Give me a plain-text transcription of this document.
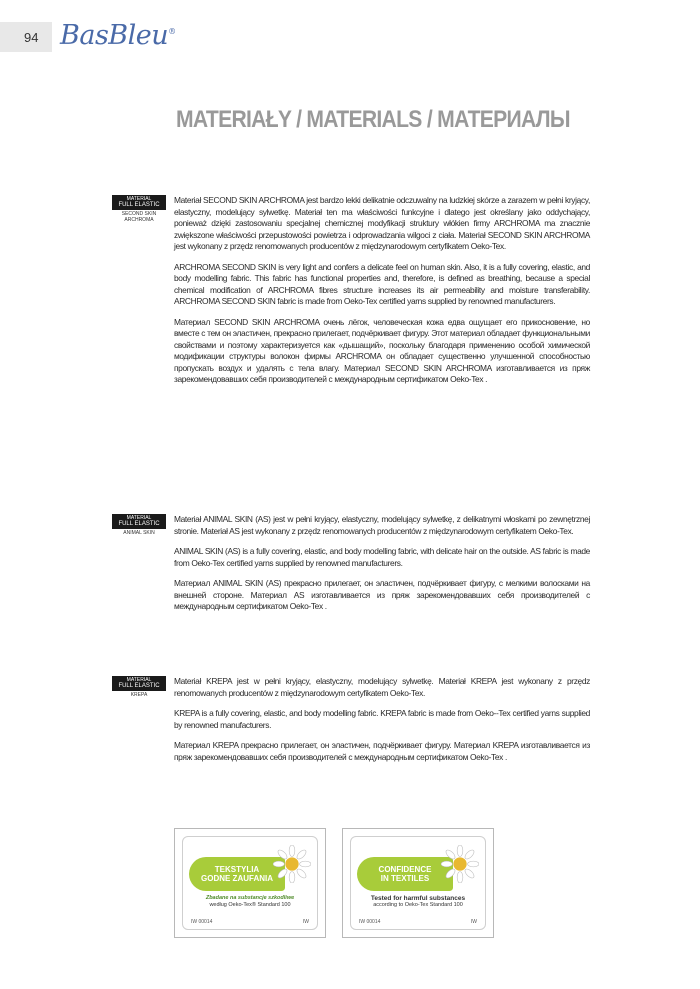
94 BasBleu®
MATERIAŁY / MATERIALS / МАТЕРИАЛЫ
MATERIAL
FULL ELASTIC
SECOND SKIN ARCHROMA

Materiał SECOND SKIN ARCHROMA jest bardzo lekki delikatnie odczuwalny na ludzkiej skórze a zarazem w pełni kryjący, elastyczny, modelujący sylwetkę. Materiał ten ma właściwości funkcyjne i dlatego jest określany jako oddychający, ponieważ dzięki zastosowaniu specjalnej chemicznej modyfikacji struktury włókien firmy ARCHROMA ma znacznie zwiększone właściwości przepustowości powietrza i odprowadzania wilgoci z ciała. Materiał SECOND SKIN ARCHROMA jest wykonany z przędz renomowanych producentów z międzynarodowym certyfikatem Oeko-Tex.

ARCHROMA SECOND SKIN is very light and confers a delicate feel on human skin. Also, it is a fully covering, elastic, and body modelling fabric. This fabric has functional properties and, therefore, is defined as breathing, because a special chemical modification of ARCHROMA fibres structure increases its air permeability and moisture transferability. ARCHROMA SECOND SKIN fabric is made from Oeko-Tex certified yarns supplied by renowned manufacturers.

Материал SECOND SKIN ARCHROMA очень лёгок, человеческая кожа едва ощущает его прикосновение, но вместе с тем он эластичен, прекрасно прилегает, подчёркивает фигуру. Этот материал обладает функциональными свойствами и поэтому характеризуется как «дышащий», поскольку благодаря применению особой химической модификации структуры волокон фирмы ARCHROMA он обладает существенно улучшенной способностью пропускать воздух и удалять с тела влагу. Материал SECOND SKIN ARCHROMA изготавливается из пряж зарекомендовавших себя производителей с международным сертификатом Oeko-Tex .

MATERIAL
FULL ELASTIC
ANIMAL SKIN

Materiał ANIMAL SKIN (AS) jest w pełni kryjący, elastyczny, modelujący sylwetkę, z delikatnymi włoskami po zewnętrznej stronie. Materiał AS jest wykonany z przędz renomowanych producentów z międzynarodowym certyfikatem Oeko-Tex.

ANIMAL SKIN (AS) is a fully covering, elastic, and body modelling fabric, with delicate hair on the outside. AS fabric is made from Oeko-Tex certified yarns supplied by renowned manufacturers.

Материал ANIMAL SKIN (AS) прекрасно прилегает, он эластичен, подчёркивает фигуру, с мелкими волосками на внешней стороне. Материал AS изготавливается из пряж зарекомендовавших себя производителей с международным сертификатом Oeko-Tex .

MATERIAL
FULL ELASTIC
KREPA

Materiał KREPA jest w pełni kryjący, elastyczny, modelujący sylwetkę. Materiał KREPA jest wykonany z przędz renomowanych producentów z międzynarodowym certyfikatem Oeko-Tex.

KREPA is a fully covering, elastic, and body modelling fabric. KREPA fabric is made from Oeko--Tex certified yarns supplied by renowned manufacturers.

Материал KREPA прекрасно прилегает, он эластичен, подчёркивает фигуру. Материал KREPA изготавливается из пряж зарекомендовавших себя производителей с международным сертификатом Oeko-Tex .

TEKSTYLIA
GODNE ZAUFANIA
Zbadane na substancje szkodliwe
według Oeko-Tex® Standard 100
IW 00014	IW
CONFIDENCE
IN TEXTILES
Tested for harmful substances
according to Oeko-Tex Standard 100
IW 00014	IW
